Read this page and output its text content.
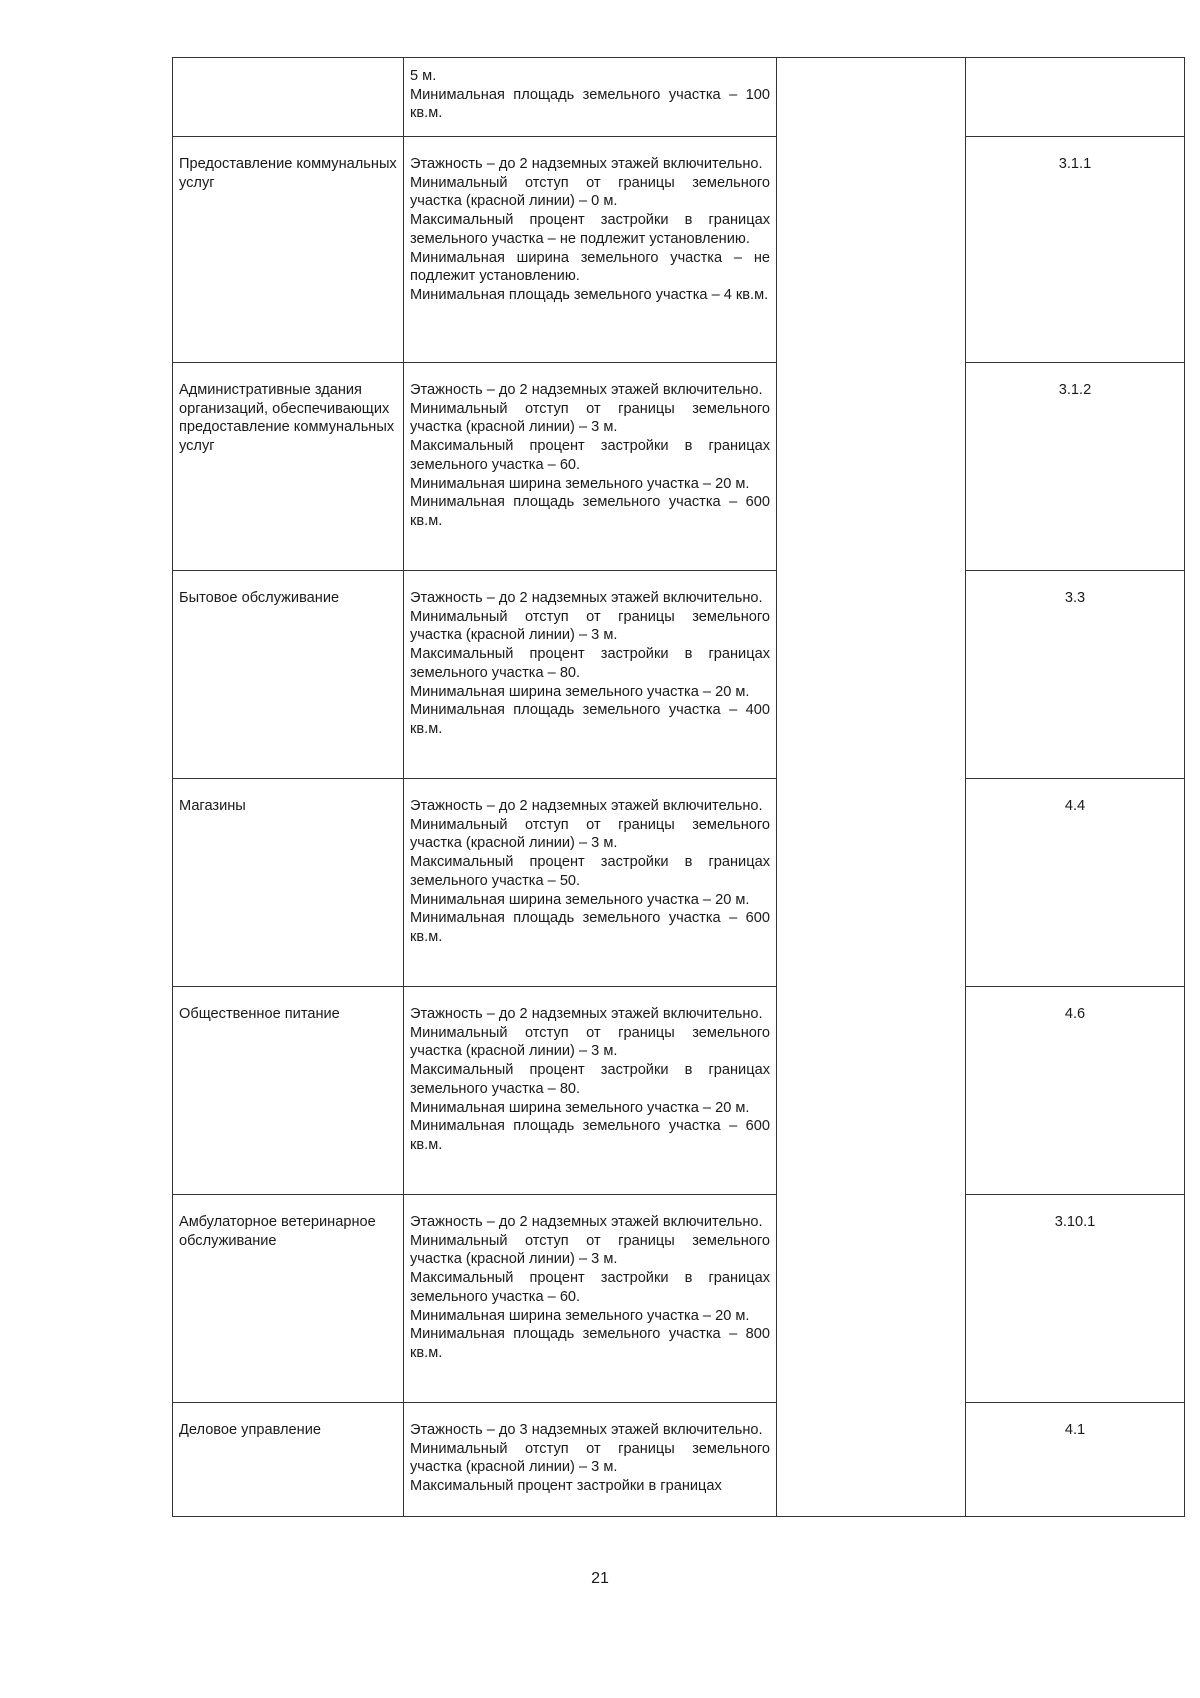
	5 м.

Минимальная площадь земельного участка – 100 кв.м.		

Предоставление коммунальных услуг	Этажность – до 2 надземных этажей включительно.

Минимальный отступ от границы земельного участка (красной линии) – 0 м.

Максимальный процент застройки в границах земельного участка – не подлежит установлению.

Минимальная ширина земельного участка – не подлежит установлению.

Минимальная площадь земельного участка – 4 кв.м.		3.1.1
Административные здания организаций, обеспечивающих предоставление коммунальных услуг	Этажность – до 2 надземных этажей включительно.

Минимальный отступ от границы земельного участка (красной линии) – 3 м.

Максимальный процент застройки в границах земельного участка – 60.

Минимальная ширина земельного участка – 20 м.

Минимальная площадь земельного участка – 600 кв.м.		3.1.2
Бытовое обслуживание	Этажность – до 2 надземных этажей включительно.

Минимальный отступ от границы земельного участка (красной линии) – 3 м.

Максимальный процент застройки в границах земельного участка – 80.

Минимальная ширина земельного участка – 20 м.

Минимальная площадь земельного участка – 400 кв.м.		3.3
Магазины	Этажность – до 2 надземных этажей включительно.

Минимальный отступ от границы земельного участка (красной линии) – 3 м.

Максимальный процент застройки в границах земельного участка – 50.

Минимальная ширина земельного участка – 20 м.

Минимальная площадь земельного участка – 600 кв.м.		4.4
Общественное питание	Этажность – до 2 надземных этажей включительно.

Минимальный отступ от границы земельного участка (красной линии) – 3 м.

Максимальный процент застройки в границах земельного участка – 80.

Минимальная ширина земельного участка – 20 м.

Минимальная площадь земельного участка – 600 кв.м.		4.6
Амбулаторное ветеринарное обслуживание	Этажность – до 2 надземных этажей включительно.

Минимальный отступ от границы земельного участка (красной линии) – 3 м.

Максимальный процент застройки в границах земельного участка – 60.

Минимальная ширина земельного участка – 20 м.

Минимальная площадь земельного участка – 800 кв.м.		3.10.1
Деловое управление	Этажность – до 3 надземных этажей включительно.

Минимальный отступ от границы земельного участка (красной линии) – 3 м.

Максимальный процент застройки в границах		4.1
21
